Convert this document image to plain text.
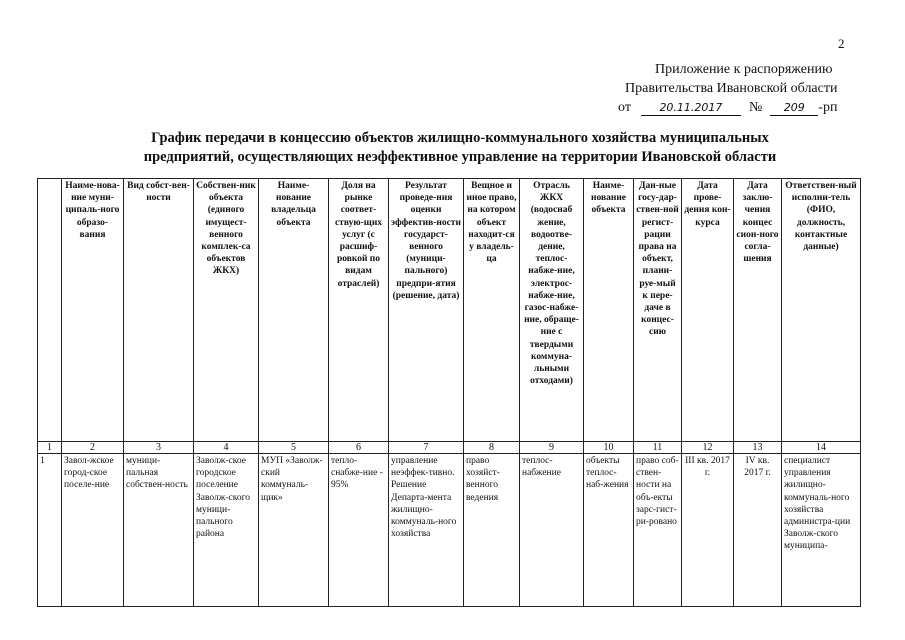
2
Приложение к распоряжению
Правительства Ивановской области
от	20.11.2017	№	209 -рп
График передачи в концессию объектов жилищно-коммунального хозяйства муниципальных
предприятий, осуществляющих неэффективное управление на территории Ивановской области
	Наиме-нова-ние муни-ципаль-ного образо-вания	Вид собст-вен-ности	Собствен-ник объекта (единого имущест-венного комплек-са объектов ЖКХ)	Наиме-нование владельца объекта	Доля на рынке соответ-ствую-щих услуг (с расшиф-ровкой по видам отраслей)	Результат проведе-ния оценки эффектив-ности государст-венного (муници-пального) предпри-ятия (решение, дата)	Вещное и иное право, на котором объект находит-ся у владель-ца	Отрасль ЖКХ (водоснаб жение, водоотве-дение, теплос-набже-ние, электрос-набже-ние, газос-набже-ние, обраще-ние с твердыми коммуна-льными отходами)	Наиме-нование объекта	Дан-ные госу-дар-ствен-ной регист-рации права на объект, плани-руе-мый к пере-даче в концес-сию	Дата прове-дения кон-курса	Дата заклю-чения концес сион-ного согла-шения	Ответствен-ный исполни-тель (ФИО, должность, контактные данные)
1	2	3	4	5	6	7	8	9	10	11	12	13	14
1	Завол-жское город-ское поселе-ние	муници-пальная собствен-ность	Заволж-ское городское поселение Заволж-ского муници-пального района	МУП «Заволж-ский коммуналь-щик»	тепло-снабже-ние - 95%	управление неэффек-тивно. Решение Департа-мента жилищно-коммуналь-ного хозяйства	право хозяйст-венного ведения	теплос-набжение	объекты теплос-наб-жения	право соб-ствен-ности на объ-екты зарс-гист-ри-ровано	III кв. 2017 г.	IV кв. 2017 г.	специалист управления жилищно-коммуналь-ного хозяйства администра-ции Заволж-ского муниципа-
